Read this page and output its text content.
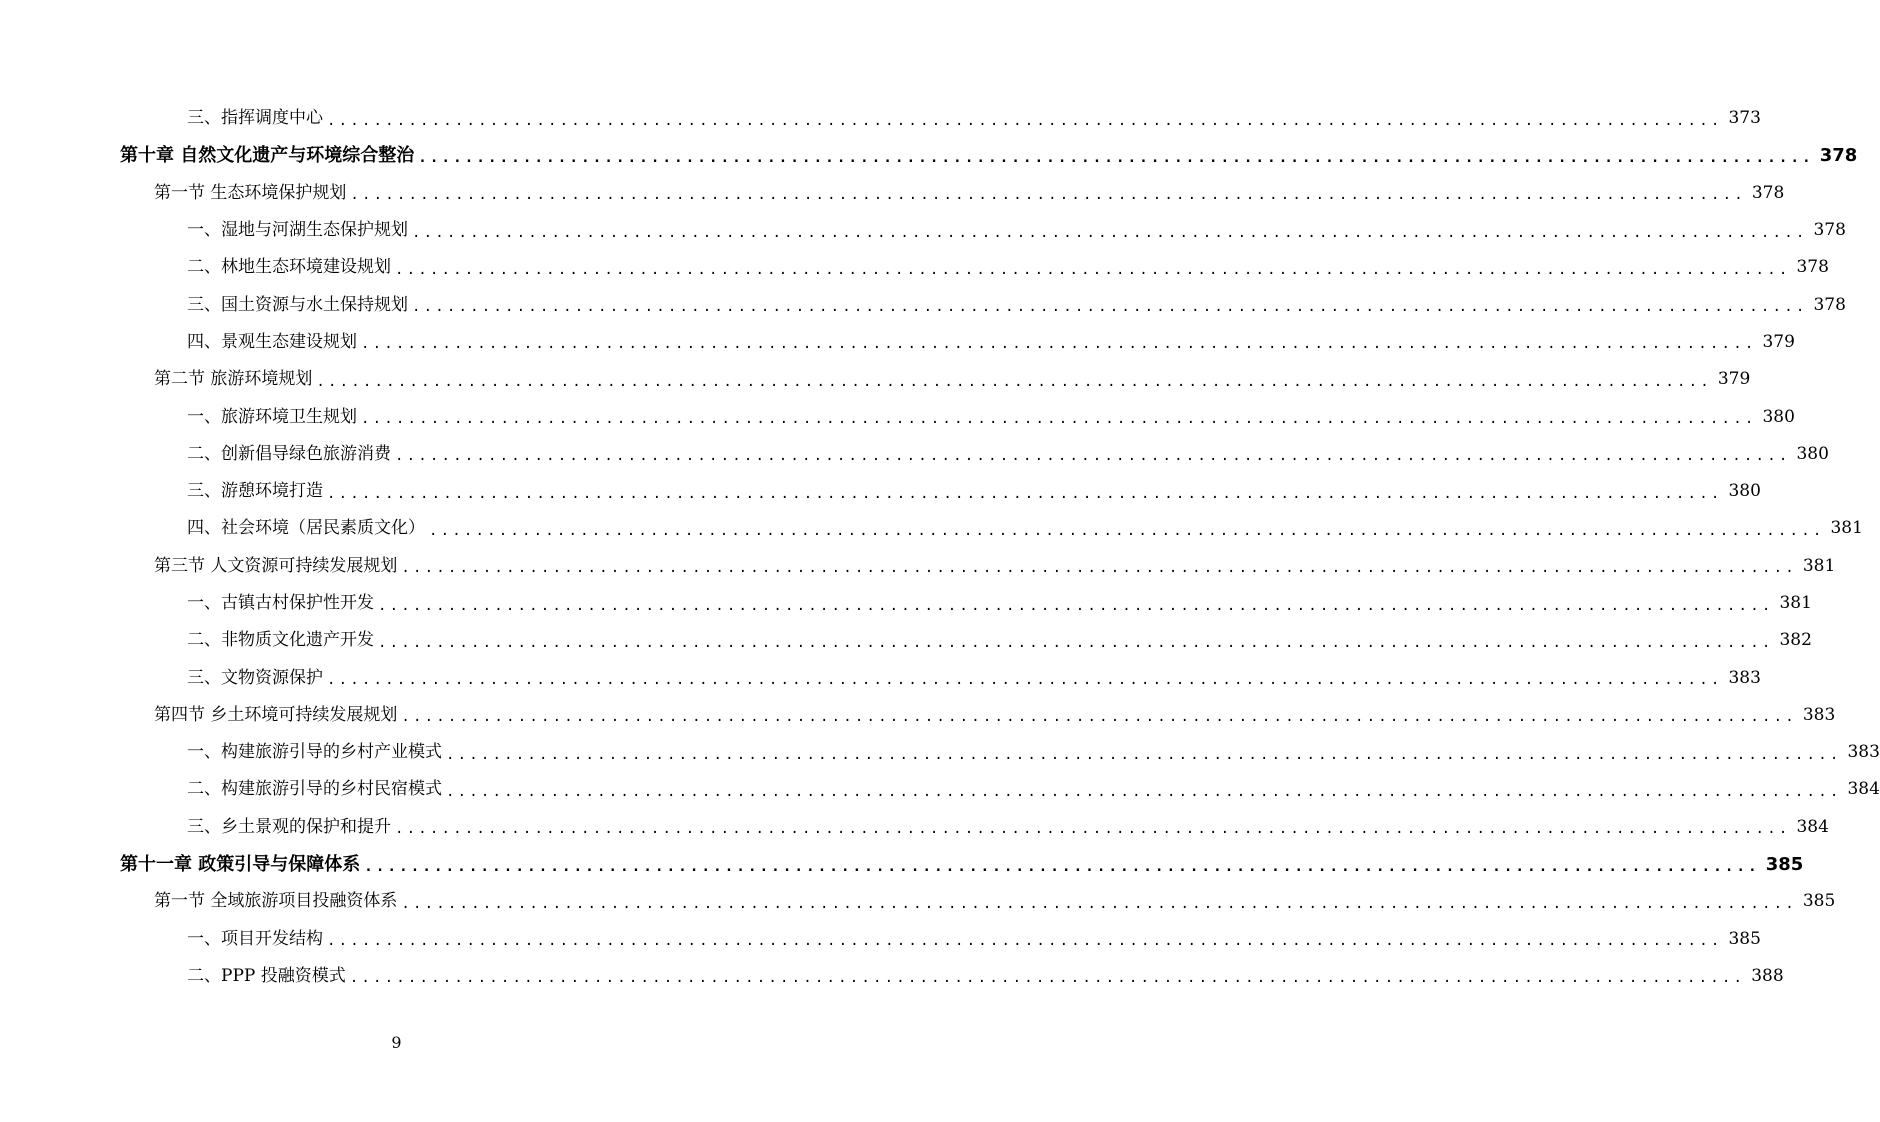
三、指挥调度中心 ........................................................................................................................ 373
第十章 自然文化遗产与环境综合整治 ........................................................................................................................ 378
第一节 生态环境保护规划 ........................................................................................................................ 378
一、湿地与河湖生态保护规划 ........................................................................................................................ 378
二、林地生态环境建设规划 ........................................................................................................................ 378
三、国土资源与水土保持规划 ........................................................................................................................ 378
四、景观生态建设规划 ........................................................................................................................ 379
第二节 旅游环境规划 ........................................................................................................................ 379
一、旅游环境卫生规划 ........................................................................................................................ 380
二、创新倡导绿色旅游消费 ........................................................................................................................ 380
三、游憩环境打造 ........................................................................................................................ 380
四、社会环境（居民素质文化） ........................................................................................................................ 381
第三节 人文资源可持续发展规划 ........................................................................................................................ 381
一、古镇古村保护性开发 ........................................................................................................................ 381
二、非物质文化遗产开发 ........................................................................................................................ 382
三、文物资源保护 ........................................................................................................................ 383
第四节 乡土环境可持续发展规划 ........................................................................................................................ 383
一、构建旅游引导的乡村产业模式 ........................................................................................................................ 383
二、构建旅游引导的乡村民宿模式 ........................................................................................................................ 384
三、乡土景观的保护和提升 ........................................................................................................................ 384
第十一章 政策引导与保障体系 ........................................................................................................................ 385
第一节 全域旅游项目投融资体系 ........................................................................................................................ 385
一、项目开发结构 ........................................................................................................................ 385
二、PPP 投融资模式 ........................................................................................................................ 388
9
